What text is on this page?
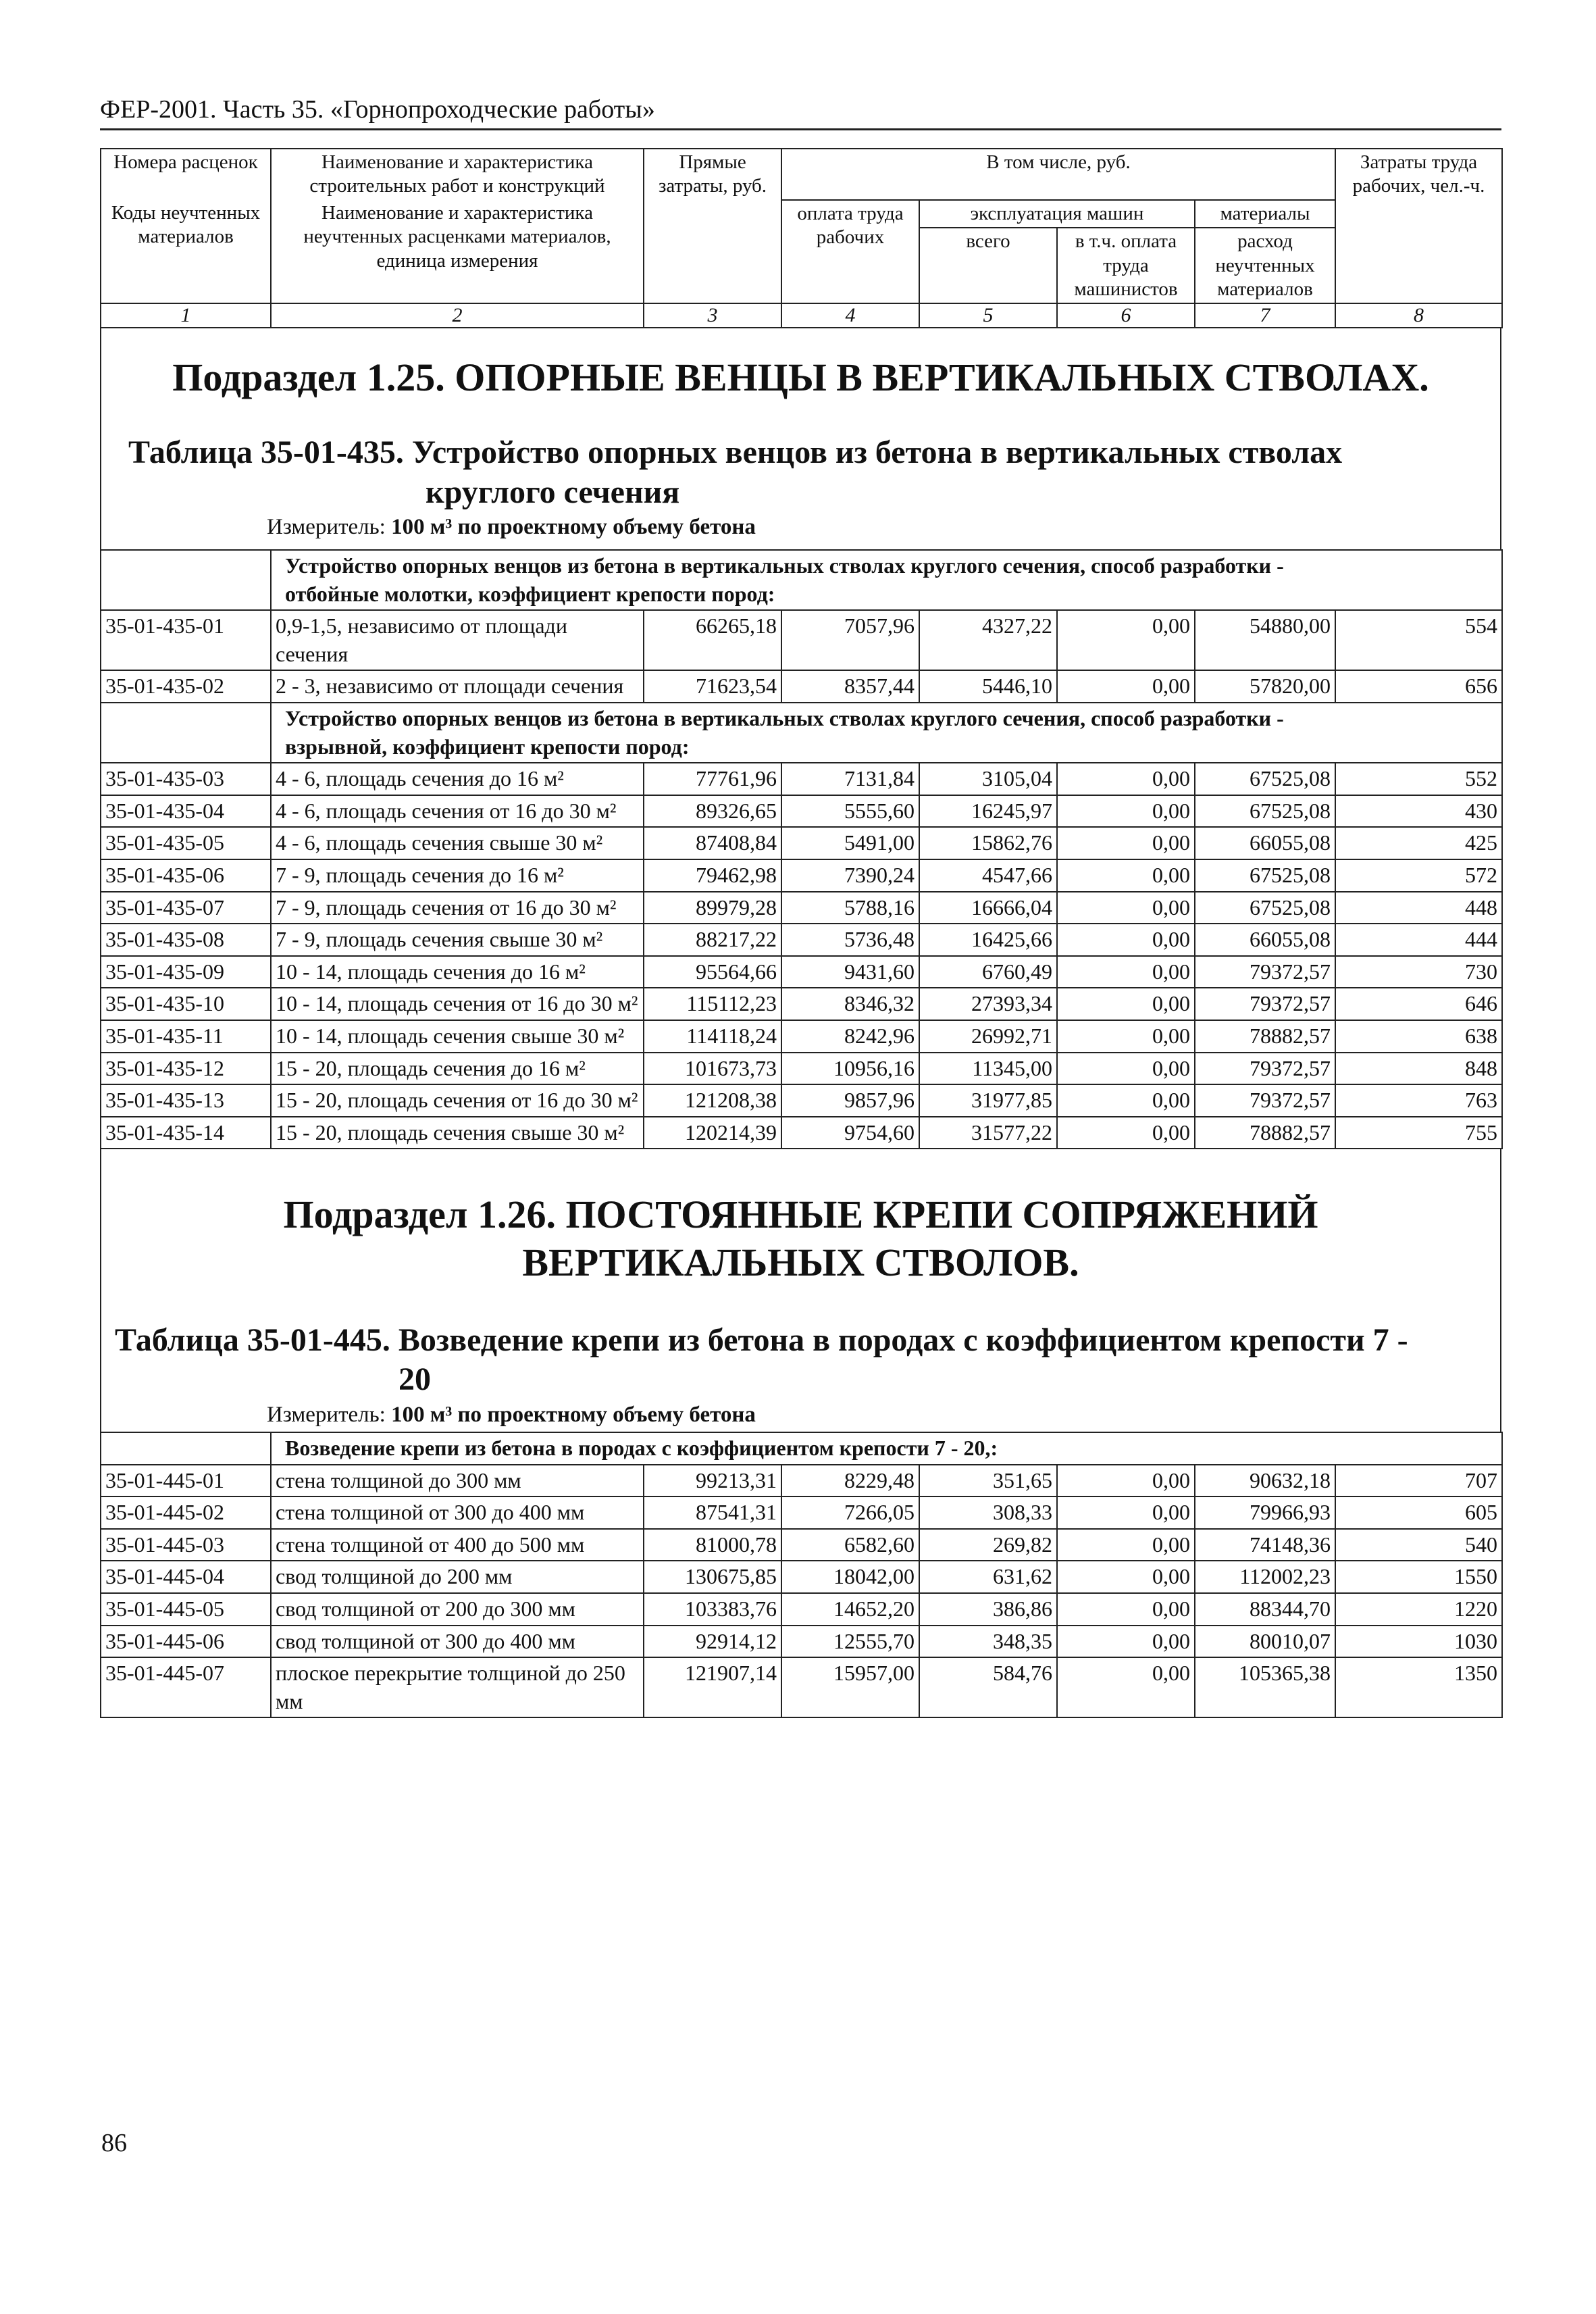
ФЕР-2001. Часть 35. «Горнопроходческие работы»
Номера расценок	Наименование и характеристика строительных работ и конструкций	Прямые затраты, руб.	В том числе, руб.				Затраты труда рабочих, чел.-ч.
Коды неучтенных материалов	Наименование и характеристика неучтенных расценками материалов, единица измерения		оплата труда рабочих	эксплуатация машин		материалы	
				всего	в т.ч. оплата труда машинистов	расход неучтенных материалов	

1	2	3	4	5	6	7	8

Подраздел 1.25. ОПОРНЫЕ ВЕНЦЫ В ВЕРТИКАЛЬНЫХ СТВОЛАХ.

Таблица 35-01-435. Устройство опорных венцов из бетона в вертикальных стволах
круглого сечения

Измеритель: 100 м³ по проектному объему бетона

	Устройство опорных венцов из бетона в вертикальных стволах круглого сечения, способ разработки -
отбойные молотки, коэффициент крепости пород:						

35-01-435-01	0,9-1,5, независимо от площади сечения	66265,18	7057,96	4327,22	0,00	54880,00	554
35-01-435-02	2 - 3, независимо от площади сечения	71623,54	8357,44	5446,10	0,00	57820,00	656

	Устройство опорных венцов из бетона в вертикальных стволах круглого сечения, способ разработки -
взрывной, коэффициент крепости пород:						

35-01-435-03	4 - 6, площадь сечения до 16 м²	77761,96	7131,84	3105,04	0,00	67525,08	552
35-01-435-04	4 - 6, площадь сечения от 16 до 30 м²	89326,65	5555,60	16245,97	0,00	67525,08	430
35-01-435-05	4 - 6, площадь сечения свыше 30 м²	87408,84	5491,00	15862,76	0,00	66055,08	425
35-01-435-06	7 - 9, площадь сечения до 16 м²	79462,98	7390,24	4547,66	0,00	67525,08	572
35-01-435-07	7 - 9, площадь сечения от 16 до 30 м²	89979,28	5788,16	16666,04	0,00	67525,08	448
35-01-435-08	7 - 9, площадь сечения свыше 30 м²	88217,22	5736,48	16425,66	0,00	66055,08	444
35-01-435-09	10 - 14, площадь сечения до 16 м²	95564,66	9431,60	6760,49	0,00	79372,57	730
35-01-435-10	10 - 14, площадь сечения от 16 до 30 м²	115112,23	8346,32	27393,34	0,00	79372,57	646
35-01-435-11	10 - 14, площадь сечения свыше 30 м²	114118,24	8242,96	26992,71	0,00	78882,57	638
35-01-435-12	15 - 20, площадь сечения до 16 м²	101673,73	10956,16	11345,00	0,00	79372,57	848
35-01-435-13	15 - 20, площадь сечения от 16 до 30 м²	121208,38	9857,96	31977,85	0,00	79372,57	763
35-01-435-14	15 - 20, площадь сечения свыше 30 м²	120214,39	9754,60	31577,22	0,00	78882,57	755

Подраздел 1.26. ПОСТОЯННЫЕ КРЕПИ СОПРЯЖЕНИЙ
ВЕРТИКАЛЬНЫХ СТВОЛОВ.

Таблица 35-01-445. Возведение крепи из бетона в породах с коэффициентом крепости 7 -
20

Измеритель: 100 м³ по проектному объему бетона

	Возведение крепи из бетона в породах с коэффициентом крепости 7 - 20,:						

35-01-445-01	стена толщиной до 300 мм	99213,31	8229,48	351,65	0,00	90632,18	707
35-01-445-02	стена толщиной от 300 до 400 мм	87541,31	7266,05	308,33	0,00	79966,93	605
35-01-445-03	стена толщиной от 400 до 500 мм	81000,78	6582,60	269,82	0,00	74148,36	540
35-01-445-04	свод толщиной до 200 мм	130675,85	18042,00	631,62	0,00	112002,23	1550
35-01-445-05	свод толщиной от 200 до 300 мм	103383,76	14652,20	386,86	0,00	88344,70	1220
35-01-445-06	свод толщиной от 300 до 400 мм	92914,12	12555,70	348,35	0,00	80010,07	1030
35-01-445-07	плоское перекрытие толщиной до 250 мм	121907,14	15957,00	584,76	0,00	105365,38	1350
86
